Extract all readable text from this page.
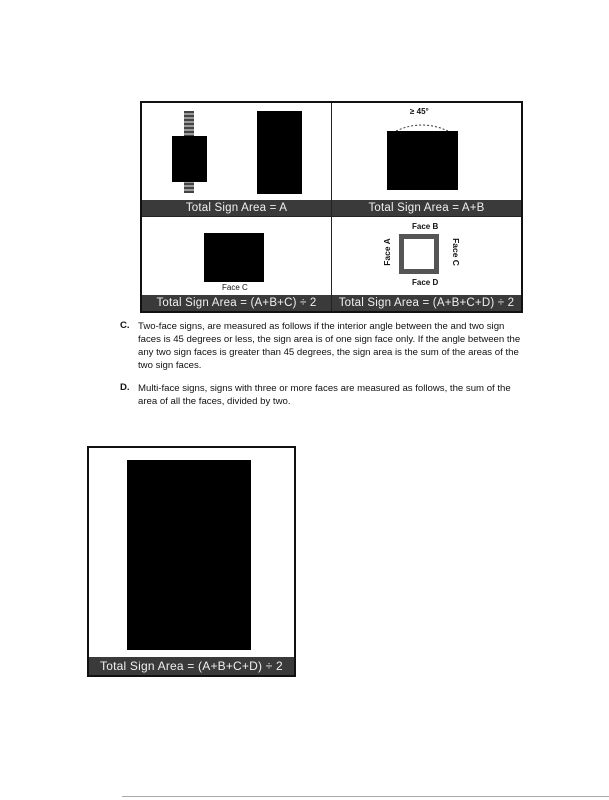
Total Sign Area = A
≥ 45°
Total Sign Area = A+B
Face C
Total Sign Area = (A+B+C) ÷ 2
Face B
Face A	Face C
Face D
Total Sign Area = (A+B+C+D) ÷ 2
C. Two-face signs, are measured as follows if the interior angle between the and two sign faces is 45 degrees or less, the sign area is of one sign face only. If the angle between the any two sign faces is greater than 45 degrees, the sign area is the sum of the areas of the two sign faces.
D. Multi-face signs, signs with three or more faces are measured as follows, the sum of the area of all the faces, divided by two.
Total Sign Area = (A+B+C+D) ÷ 2
